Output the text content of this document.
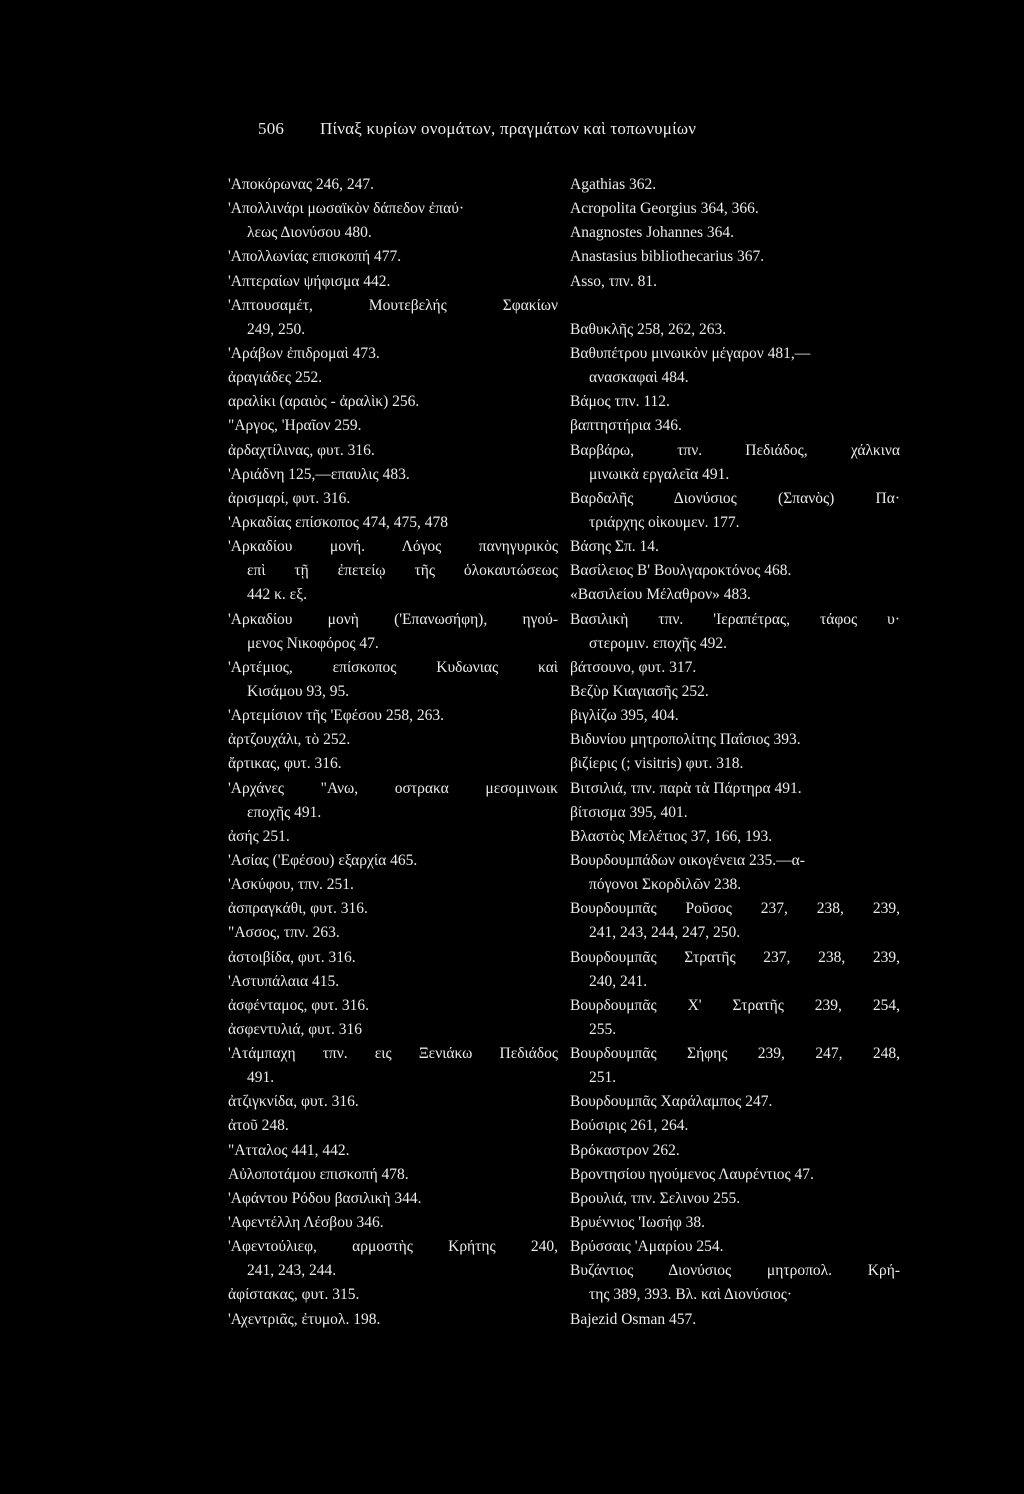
506 Πίναξ κυρίων ονομάτων, πραγμάτων καὶ τοπωνυμίων
'Αποκόρωνας 246, 247.
'Απολλινάρι μωσαϊκὸν δάπεδον ἐπαύ·
λεως Διονύσου 480.
'Απολλωνίας επισκοπή 477.
'Απτεραίων ψήφισμα 442.
'Απτουσαμέτ, Μουτεβελής Σφακίων
249, 250.
'Αράβων ἐπιδρομαὶ 473.
ἀραγιάδες 252.
αραλίκι (αραιὸς - ἀραλὶκ) 256.
"Αργος, 'Ηραῖον 259.
ἀρδαχτίλινας, φυτ. 316.
'Αριάδνη 125,—επαυλις 483.
ἀρισμαρί, φυτ. 316.
'Αρκαδίας επίσκοπος 474, 475, 478
'Αρκαδίου μονή. Λόγος πανηγυρικὸς
επὶ τῇ ἐπετείῳ τῆς ὁλοκαυτώσεως
442 κ. εξ.
'Αρκαδίου μονὴ ('Επανωσήφη), ηγού-
μενος Νικοφόρος 47.
'Αρτέμιος, επίσκοπος Κυδωνιας καὶ
Κισάμου 93, 95.
'Αρτεμίσιον τῆς 'Εφέσου 258, 263.
ἀρτζουχάλι, τὸ 252.
ἄρτικας, φυτ. 316.
'Αρχάνες "Ανω, οστρακα μεσομινωικ
εποχῆς 491.
ἀσής 251.
'Ασίας ('Εφέσου) εξαρχία 465.
'Ασκύφου, τπν. 251.
ἀσπραγκάθι, φυτ. 316.
"Ασσος, τπν. 263.
ἀστοιβίδα, φυτ. 316.
'Αστυπάλαια 415.
ἀσφένταμος, φυτ. 316.
ἀσφεντυλιά, φυτ. 316
'Ατάμπαχη τπν. εις Ξενιάκω Πεδιάδος
491.
ἀτζιγκνίδα, φυτ. 316.
ἀτοῦ 248.
"Ατταλος 441, 442.
Αὐλοποτάμου επισκοπή 478.
'Αφάντου Ρόδου βασιλικὴ 344.
'Αφεντέλλη Λέσβου 346.
'Αφεντούλιεφ, αρμοστὴς Κρήτης 240,
241, 243, 244.
ἀφίστακας, φυτ. 315.
'Αχεντριᾶς, ἐτυμολ. 198.
Agathias 362.
Acropolita Georgius 364, 366.
Anagnostes Johannes 364.
Anastasius bibliothecarius 367.
Asso, τπν. 81.
Βαθυκλῆς 258, 262, 263.
Βαθυπέτρου μινωικὸν μέγαρον 481,—
ανασκαφαὶ 484.
Βάμος τπν. 112.
βαπτηστήρια 346.
Βαρβάρω, τπν. Πεδιάδος, χάλκινα
μινωικὰ εργαλεῖα 491.
Βαρδαλῆς Διονύσιος (Σπανὸς) Πα·
τριάρχης οἰκουμεν. 177.
Βάσης Σπ. 14.
Βασίλειος Β' Βουλγαροκτόνος 468.
«Βασιλείου Μέλαθρον» 483.
Βασιλικὴ τπν. 'Ιεραπέτρας, τάφος υ·
στερομιν. εποχῆς 492.
βάτσουνο, φυτ. 317.
Βεζὺρ Κιαγιασῆς 252.
βιγλίζω 395, 404.
Βιδυνίου μητροπολίτης Παΐσιος 393.
βιζίερις (; visitris) φυτ. 318.
Βιτσιλιά, τπν. παρὰ τὰ Πάρτηρα 491.
βίτσισμα 395, 401.
Βλαστὸς Μελέτιος 37, 166, 193.
Βουρδουμπάδων οικογένεια 235.—α-
πόγονοι Σκορδιλῶν 238.
Βουρδουμπᾶς Ροῦσος 237, 238, 239,
241, 243, 244, 247, 250.
Βουρδουμπᾶς Στρατῆς 237, 238, 239,
240, 241.
Βουρδουμπᾶς Χ' Στρατῆς 239, 254,
255.
Βουρδουμπᾶς Σήφης 239, 247, 248,
251.
Βουρδουμπᾶς Χαράλαμπος 247.
Βούσιρις 261, 264.
Βρόκαστρον 262.
Βροντησίου ηγούμενος Λαυρέντιος 47.
Βρουλιά, τπν. Σελινου 255.
Βρυέννιος 'Ιωσήφ 38.
Βρύσσαις 'Αμαρίου 254.
Βυζάντιος Διονύσιος μητροπολ. Κρή-
της 389, 393. Βλ. καὶ Διονύσιος·
Bajezid Osman 457.
